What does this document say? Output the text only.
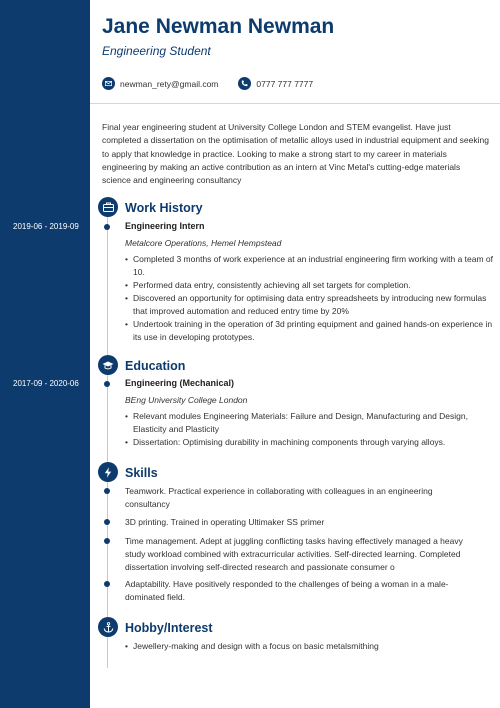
Jane Newman Newman
Engineering Student
newman_rety@gmail.com	0777 777 7777

Final year engineering student at University College London and STEM evangelist. Have just completed a dissertation on the optimisation of metallic alloys used in industrial equipment and seeking to apply that knowledge in practice. Looking to make a strong start to my career in materials engineering by making an active contribution as an intern at Vinc Metal's cutting-edge materials science and engineering consultancy

Work History
2019-06 - 2019-09	Engineering Intern
Metalcore Operations, Hemel Hempstead
• Completed 3 months of work experience at an industrial engineering firm working with a team of 10.
• Performed data entry, consistently achieving all set targets for completion.
• Discovered an opportunity for optimising data entry spreadsheets by introducing new formulas that improved automation and reduced entry time by 20%
• Undertook training in the operation of 3d printing equipment and gained hands-on experience in its use in developing prototypes.
Education
2017-09 - 2020-06	Engineering (Mechanical)
BEng University College London
• Relevant modules Engineering Materials: Failure and Design, Manufacturing and Design, Elasticity and Plasticity
• Dissertation: Optimising durability in machining components through varying alloys.
Skills

Teamwork. Practical experience in collaborating with colleagues in an engineering consultancy

3D printing. Trained in operating Ultimaker SS primer

Time management. Adept at juggling conflicting tasks having effectively managed a heavy study workload combined with extracurricular activities. Self-directed learning. Completed dissertation involving self-directed research and passionate consumer o

Adaptability. Have positively responded to the challenges of being a woman in a male-dominated field.

Hobby/Interest
• Jewellery-making and design with a focus on basic metalsmithing
